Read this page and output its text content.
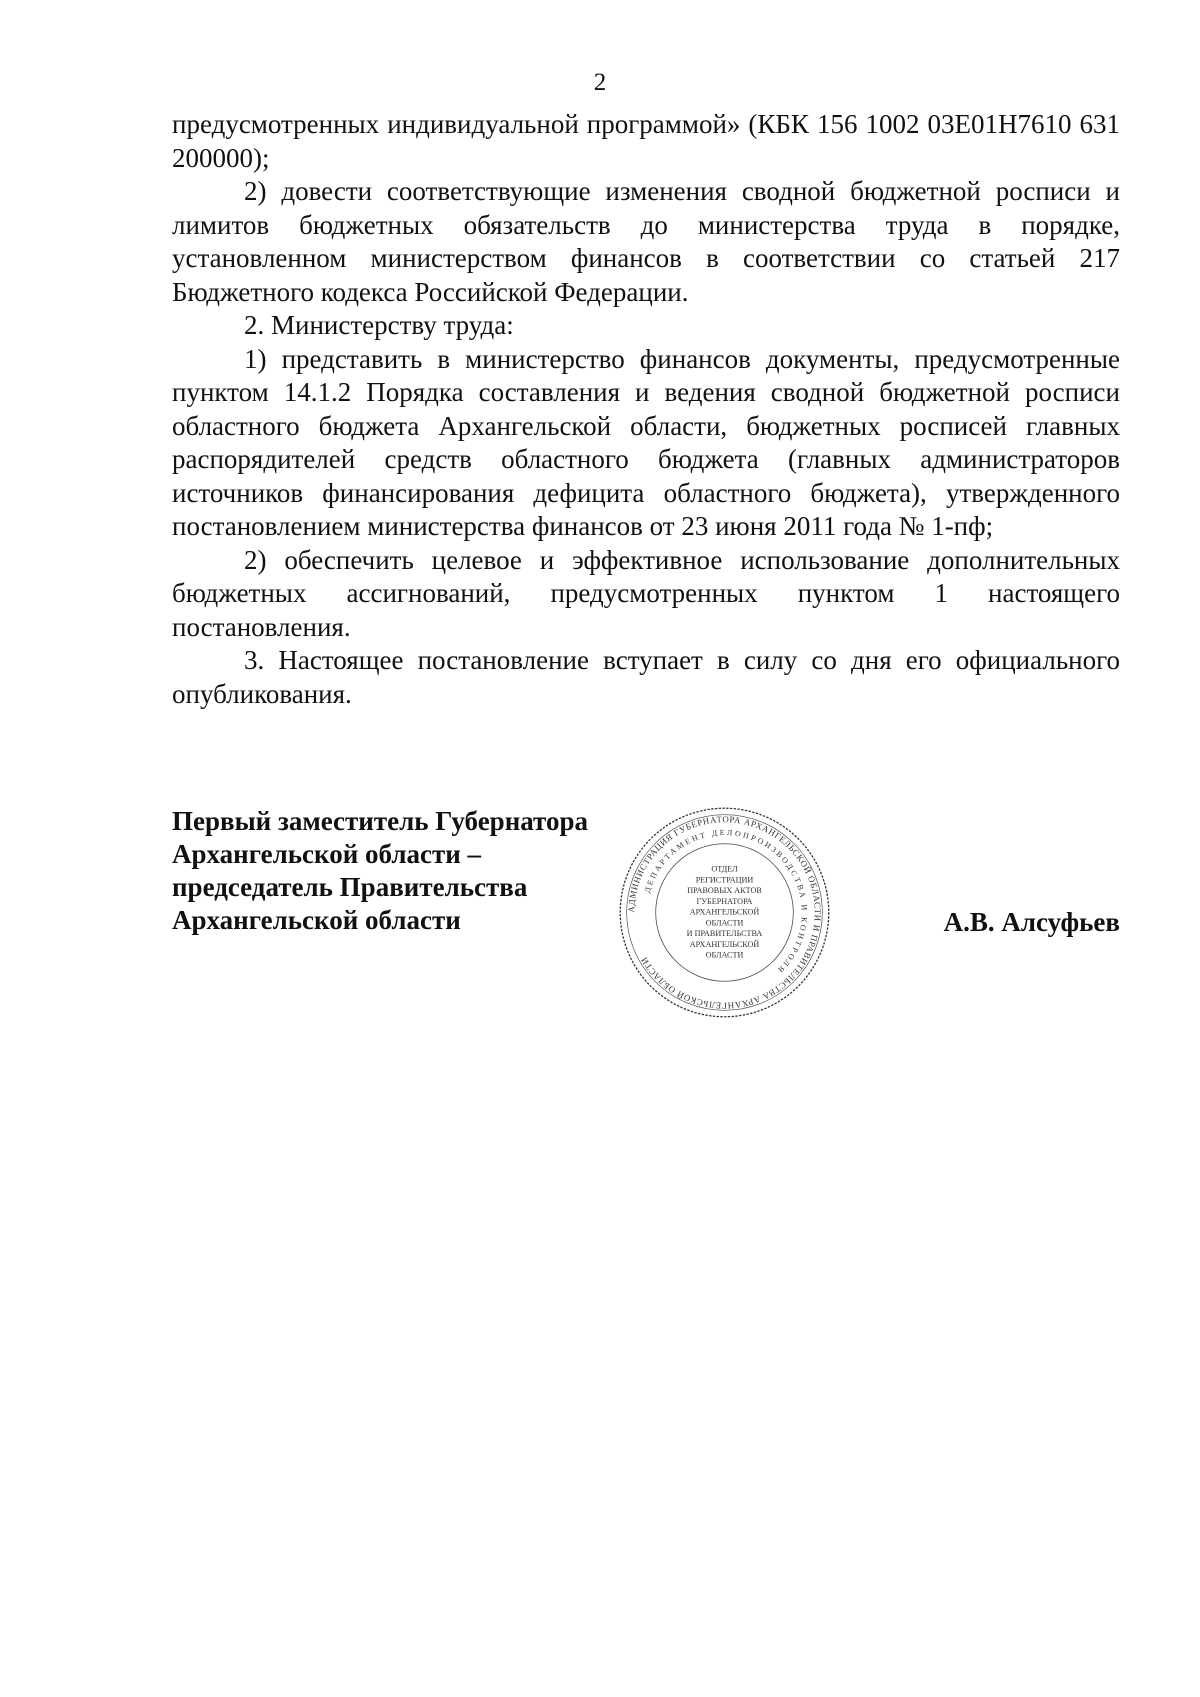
2

предусмотренных индивидуальной программой» (КБК 156 1002 03Е01Н7610 631 200000);

2) довести соответствующие изменения сводной бюджетной росписи и лимитов бюджетных обязательств до министерства труда в порядке, установленном министерством финансов в соответствии со статьей 217 Бюджетного кодекса Российской Федерации.

2. Министерству труда:

1) представить в министерство финансов документы, предусмотренные пунктом 14.1.2 Порядка составления и ведения сводной бюджетной росписи областного бюджета Архангельской области, бюджетных росписей главных распорядителей средств областного бюджета (главных администраторов источников финансирования дефицита областного бюджета), утвержденного постановлением министерства финансов от 23 июня 2011 года № 1-пф;

2) обеспечить целевое и эффективное использование дополнительных бюджетных ассигнований, предусмотренных пунктом 1 настоящего постановления.

3. Настоящее постановление вступает в силу со дня его официального опубликования.

Первый заместитель Губернатора
Архангельской области –
председатель Правительства
Архангельской области	АДМИНИСТРАЦИЯ ГУБЕРНАТОРА АРХАНГЕЛЬСКОЙ ОБЛАСТИ И ПРАВИТЕЛЬСТВА АРХАНГЕЛЬСКОЙ ОБЛАСТИ
ДЕПАРТАМЕНТ ДЕЛОПРОИЗВОДСТВА И КОНТРОЛЯ
ОТДЕЛ
РЕГИСТРАЦИИ
ПРАВОВЫХ АКТОВ
ГУБЕРНАТОРА
АРХАНГЕЛЬСКОЙ
ОБЛАСТИ
И ПРАВИТЕЛЬСТВА
АРХАНГЕЛЬСКОЙ
ОБЛАСТИ
А.В. Алсуфьев
